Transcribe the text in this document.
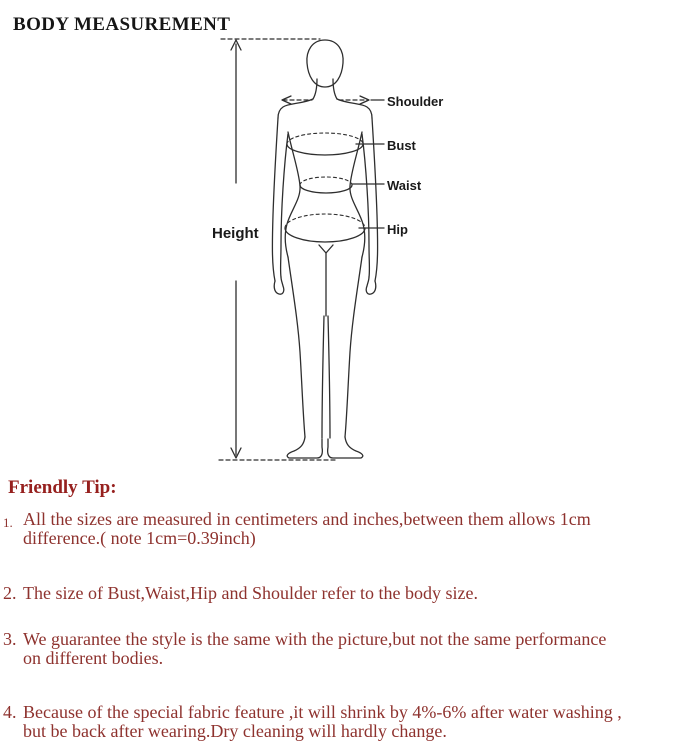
BODY MEASUREMENT
Height
Shoulder
Bust
Waist
Hip
Friendly Tip:
1. All the sizes are measured in centimeters and inches,between them allows 1cm
difference.( note 1cm=0.39inch)
2. The size of Bust,Waist,Hip and Shoulder refer to the body size.
3. We guarantee the style is the same with the picture,but not the same performance
on different bodies.
4. Because of the special fabric feature ,it will shrink by 4%-6% after water washing ,
but be back after wearing.Dry cleaning will hardly change.
